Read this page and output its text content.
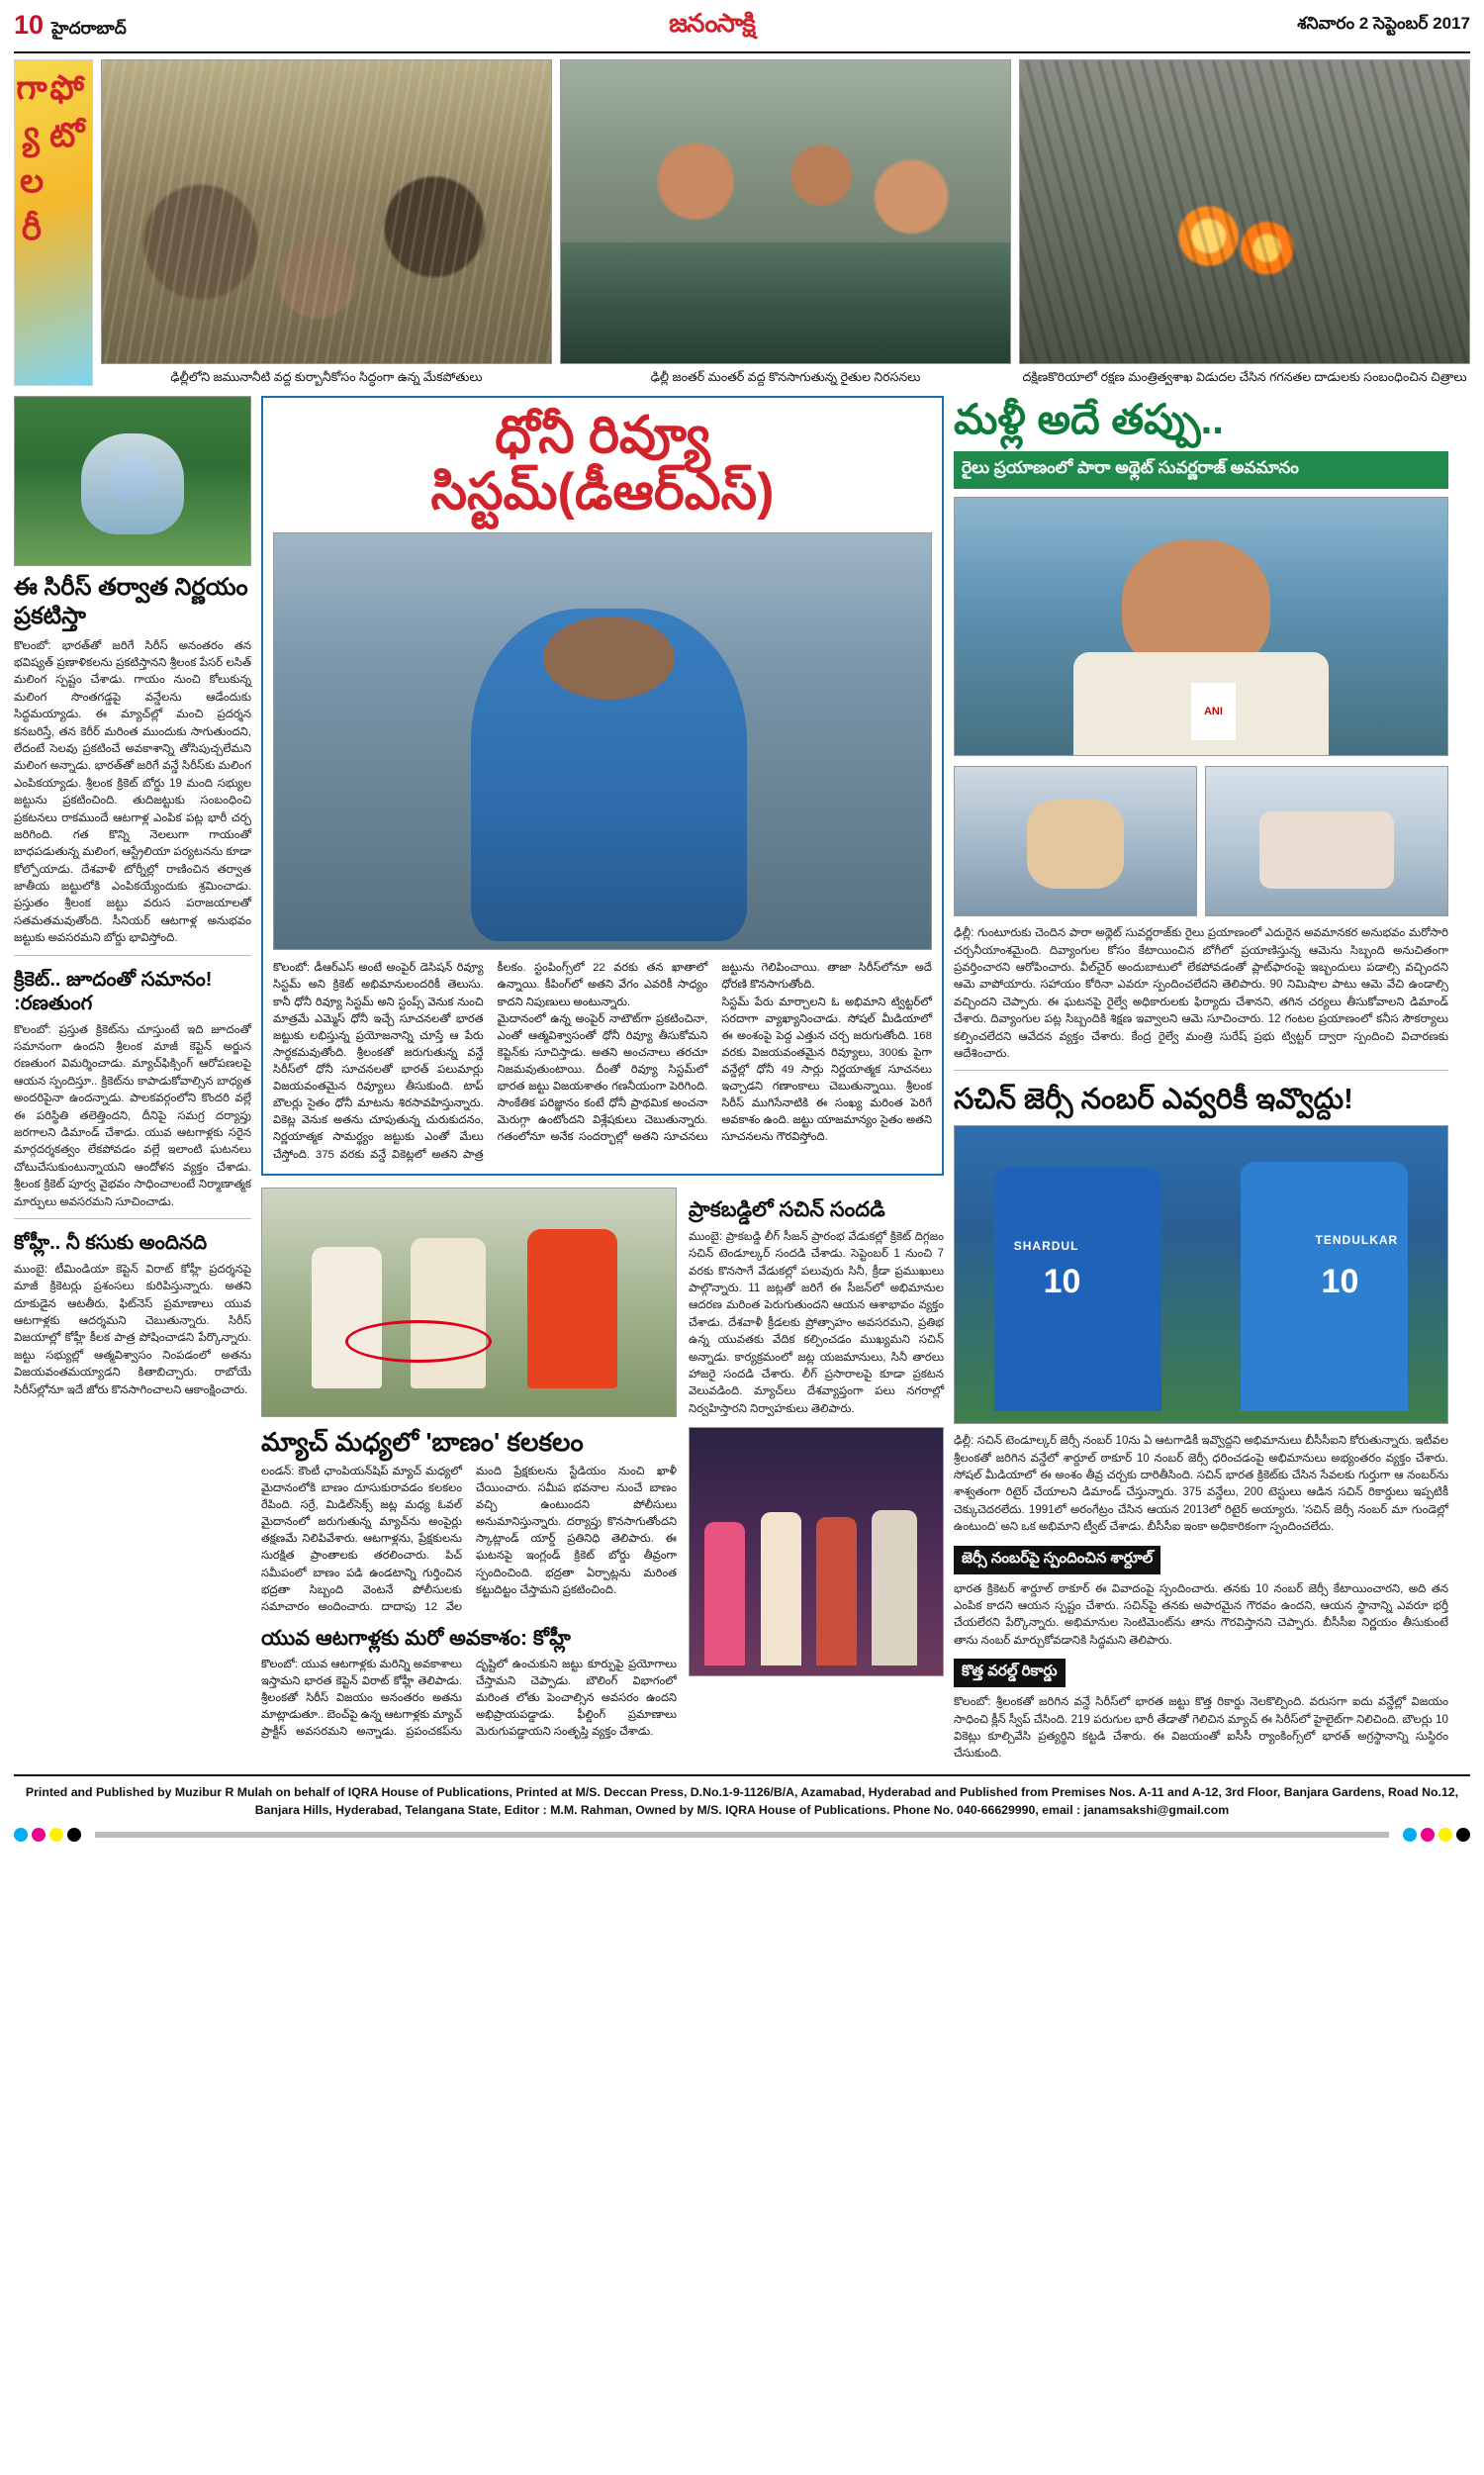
10 హైదరాబాద్	జనంసాక్షి	శనివారం 2 సెప్టెంబర్ 2017
ఫోటో గ్యాలరీ
ఢిల్లీలోని జమునానీటి వద్ద కుర్బానీకోసం సిద్ధంగా ఉన్న మేకపోతులు	ఢిల్లీ జంతర్ మంతర్ వద్ద కొనసాగుతున్న రైతుల నిరసనలు	దక్షిణకొరియాలో రక్షణ మంత్రిత్వశాఖ విడుదల చేసిన గగనతల దాడులకు సంబంధించిన చిత్రాలు
ఈ సిరీస్ తర్వాత నిర్ణయం ప్రకటిస్తా
కొలంబో: భారత్‌తో జరిగే సిరీస్ అనంతరం తన భవిష్యత్ ప్రణాళికలను ప్రకటిస్తానని శ్రీలంక పేసర్ లసిత్ మలింగ స్పష్టం చేశాడు. గాయం నుంచి కోలుకున్న మలింగ సొంతగడ్డపై వన్డేలను ఆడేందుకు సిద్ధమయ్యాడు. ఈ మ్యాచ్‌ల్లో మంచి ప్రదర్శన కనబరిస్తే, తన కెరీర్ మరింత ముందుకు సాగుతుందని, లేదంటే సెలవు ప్రకటించే అవకాశాన్ని తోసిపుచ్చలేమని మలింగ అన్నాడు. భారత్‌తో జరిగే వన్డే సిరీస్‌కు మలింగ ఎంపికయ్యాడు. శ్రీలంక క్రికెట్ బోర్డు 19 మంది సభ్యుల జట్టును ప్రకటించింది. తుదిజట్టుకు సంబంధించి ప్రకటనలు రాకముందే ఆటగాళ్ల ఎంపిక పట్ల భారీ చర్చ జరిగింది. గత కొన్ని నెలలుగా గాయంతో బాధపడుతున్న మలింగ, ఆస్ట్రేలియా పర్యటనను కూడా కోల్పోయాడు. దేశవాళీ టోర్నీల్లో రాణించిన తర్వాత జాతీయ జట్టులోకి ఎంపికయ్యేందుకు శ్రమించాడు. ప్రస్తుతం శ్రీలంక జట్టు వరుస పరాజయాలతో సతమతమవుతోంది. సీనియర్ ఆటగాళ్ల అనుభవం జట్టుకు అవసరమని బోర్డు భావిస్తోంది.
క్రికెట్.. జూదంతో సమానం! :రణతుంగ
కొలంబో: ప్రస్తుత క్రికెట్‌ను చూస్తుంటే ఇది జూదంతో సమానంగా ఉందని శ్రీలంక మాజీ కెప్టెన్ అర్జున రణతుంగ విమర్శించాడు. మ్యాచ్‌ఫిక్సింగ్ ఆరోపణలపై ఆయన స్పందిస్తూ.. క్రికెట్‌ను కాపాడుకోవాల్సిన బాధ్యత అందరిపైనా ఉందన్నాడు. పాలకవర్గంలోని కొందరి వల్లే ఈ పరిస్థితి తలెత్తిందని, దీనిపై సమగ్ర దర్యాప్తు జరగాలని డిమాండ్ చేశాడు. యువ ఆటగాళ్లకు సరైన మార్గదర్శకత్వం లేకపోవడం వల్లే ఇలాంటి ఘటనలు చోటుచేసుకుంటున్నాయని ఆందోళన వ్యక్తం చేశాడు. శ్రీలంక క్రికెట్ పూర్వ వైభవం సాధించాలంటే నిర్మాణాత్మక మార్పులు అవసరమని సూచించాడు.
కోహ్లీ.. నీ కసుకు అందినది
ముంబై: టీమిండియా కెప్టెన్ విరాట్ కోహ్లీ ప్రదర్శనపై మాజీ క్రికెటర్లు ప్రశంసలు కురిపిస్తున్నారు. అతని దూకుడైన ఆటతీరు, ఫిట్‌నెస్ ప్రమాణాలు యువ ఆటగాళ్లకు ఆదర్శమని చెబుతున్నారు. సిరీస్ విజయాల్లో కోహ్లీ కీలక పాత్ర పోషించాడని పేర్కొన్నారు. జట్టు సభ్యుల్లో ఆత్మవిశ్వాసం నింపడంలో అతను విజయవంతమయ్యాడని కితాబిచ్చారు. రాబోయే సిరీస్‌ల్లోనూ ఇదే జోరు కొనసాగించాలని ఆకాంక్షించారు.
ధోనీ రివ్యూ
సిస్టమ్(డీఆర్‌ఎస్)
కొలంబో: డీఆర్‌ఎస్ అంటే అంపైర్ డెసిషన్ రివ్యూ సిస్టమ్ అని క్రికెట్ అభిమానులందరికీ తెలుసు. కానీ ధోనీ రివ్యూ సిస్టమ్ అని స్టంప్స్ వెనుక నుంచి మాత్రమే ఎమ్మెస్ ధోనీ ఇచ్చే సూచనలతో భారత జట్టుకు లభిస్తున్న ప్రయోజనాన్ని చూస్తే ఆ పేరు సార్థకమవుతోంది. శ్రీలంకతో జరుగుతున్న వన్డే సిరీస్‌లో ధోనీ సూచనలతో భారత్ పలుమార్లు విజయవంతమైన రివ్యూలు తీసుకుంది. టాప్ బౌలర్లు సైతం ధోనీ మాటను శిరసావహిస్తున్నారు. వికెట్ల వెనుక అతను చూపుతున్న చురుకుదనం, నిర్ణయాత్మక సామర్థ్యం జట్టుకు ఎంతో మేలు చేస్తోంది. 375 వరకు వన్డే వికెట్లలో అతని పాత్ర కీలకం. స్టంపింగ్స్‌లో 22 వరకు తన ఖాతాలో ఉన్నాయి. కీపింగ్‌లో అతని వేగం ఎవరికీ సాధ్యం కాదని నిపుణులు అంటున్నారు.
మైదానంలో ఉన్న అంపైర్ నాటౌట్‌గా ప్రకటించినా, ఎంతో ఆత్మవిశ్వాసంతో ధోనీ రివ్యూ తీసుకోమని కెప్టెన్‌కు సూచిస్తాడు. అతని అంచనాలు తరచూ నిజమవుతుంటాయి. దీంతో రివ్యూ సిస్టమ్‌లో భారత జట్టు విజయశాతం గణనీయంగా పెరిగింది. సాంకేతిక పరిజ్ఞానం కంటే ధోనీ ప్రాథమిక అంచనా మెరుగ్గా ఉంటోందని విశ్లేషకులు చెబుతున్నారు. గతంలోనూ అనేక సందర్భాల్లో అతని సూచనలు జట్టును గెలిపించాయి. తాజా సిరీస్‌లోనూ అదే ధోరణి కొనసాగుతోంది.
సిస్టమ్ పేరు మార్చాలని ఓ అభిమాని ట్విట్టర్‌లో సరదాగా వ్యాఖ్యానించాడు. సోషల్ మీడియాలో ఈ అంశంపై పెద్ద ఎత్తున చర్చ జరుగుతోంది. 168 వరకు విజయవంతమైన రివ్యూలు, 300కు పైగా వన్డేల్లో ధోనీ 49 సార్లు నిర్ణయాత్మక సూచనలు ఇచ్చాడని గణాంకాలు చెబుతున్నాయి. శ్రీలంక సిరీస్ ముగిసేనాటికి ఈ సంఖ్య మరింత పెరిగే అవకాశం ఉంది. జట్టు యాజమాన్యం సైతం అతని సూచనలను గౌరవిస్తోంది.
మ్యాచ్ మధ్యలో 'బాణం' కలకలం
లండన్: కౌంటీ ఛాంపియన్‌షిప్ మ్యాచ్ మధ్యలో మైదానంలోకి బాణం దూసుకురావడం కలకలం రేపింది. సర్రే, మిడిల్‌సెక్స్ జట్ల మధ్య ఓవల్ మైదానంలో జరుగుతున్న మ్యాచ్‌ను అంపైర్లు తక్షణమే నిలిపివేశారు. ఆటగాళ్లను, ప్రేక్షకులను సురక్షిత ప్రాంతాలకు తరలించారు. పిచ్ సమీపంలో బాణం పడి ఉండటాన్ని గుర్తించిన భద్రతా సిబ్బంది వెంటనే పోలీసులకు సమాచారం అందించారు. దాదాపు 12 వేల మంది ప్రేక్షకులను స్టేడియం నుంచి ఖాళీ చేయించారు. సమీప భవనాల నుంచే బాణం వచ్చి ఉంటుందని పోలీసులు అనుమానిస్తున్నారు. దర్యాప్తు కొనసాగుతోందని స్కాట్లాండ్ యార్డ్ ప్రతినిధి తెలిపారు. ఈ ఘటనపై ఇంగ్లండ్ క్రికెట్ బోర్డు తీవ్రంగా స్పందించింది. భద్రతా ఏర్పాట్లను మరింత కట్టుదిట్టం చేస్తామని ప్రకటించింది.
యువ ఆటగాళ్లకు మరో అవకాశం: కోహ్లీ
కొలంబో: యువ ఆటగాళ్లకు మరిన్ని అవకాశాలు ఇస్తామని భారత కెప్టెన్ విరాట్ కోహ్లీ తెలిపాడు. శ్రీలంకతో సిరీస్ విజయం అనంతరం అతను మాట్లాడుతూ.. బెంచ్‌పై ఉన్న ఆటగాళ్లకు మ్యాచ్ ప్రాక్టీస్ అవసరమని అన్నాడు. ప్రపంచకప్‌ను దృష్టిలో ఉంచుకుని జట్టు కూర్పుపై ప్రయోగాలు చేస్తామని చెప్పాడు. బౌలింగ్ విభాగంలో మరింత లోతు పెంచాల్సిన అవసరం ఉందని అభిప్రాయపడ్డాడు. ఫీల్డింగ్ ప్రమాణాలు మెరుగుపడ్డాయని సంతృప్తి వ్యక్తం చేశాడు.
ప్రాకబడ్డిలో సచిన్ సందడి
ముంబై: ప్రాకబడ్డి లీగ్ సీజన్ ప్రారంభ వేడుకల్లో క్రికెట్ దిగ్గజం సచిన్ టెండూల్కర్ సందడి చేశాడు. సెప్టెంబర్ 1 నుంచి 7 వరకు కొనసాగే వేడుకల్లో పలువురు సినీ, క్రీడా ప్రముఖులు పాల్గొన్నారు. 11 జట్లతో జరిగే ఈ సీజన్‌లో అభిమానుల ఆదరణ మరింత పెరుగుతుందని ఆయన ఆశాభావం వ్యక్తం చేశాడు. దేశవాళీ క్రీడలకు ప్రోత్సాహం అవసరమని, ప్రతిభ ఉన్న యువతకు వేదిక కల్పించడం ముఖ్యమని సచిన్ అన్నాడు. కార్యక్రమంలో జట్ల యజమానులు, సినీ తారలు హాజరై సందడి చేశారు. లీగ్ ప్రసారాలపై కూడా ప్రకటన వెలువడింది. మ్యాచ్‌లు దేశవ్యాప్తంగా పలు నగరాల్లో నిర్వహిస్తారని నిర్వాహకులు తెలిపారు.
మళ్లీ అదే తప్పు..
రైలు ప్రయాణంలో పారా అథ్లెట్ సువర్ణరాజ్ అవమానం
ANI
ఢిల్లీ: గుంటూరుకు చెందిన పారా అథ్లెట్ సువర్ణరాజ్‌కు రైలు ప్రయాణంలో ఎదురైన అవమానకర అనుభవం మరోసారి చర్చనీయాంశమైంది. దివ్యాంగుల కోసం కేటాయించిన బోగీలో ప్రయాణిస్తున్న ఆమెను సిబ్బంది అనుచితంగా ప్రవర్తించారని ఆరోపించారు. వీల్‌చైర్ అందుబాటులో లేకపోవడంతో ప్లాట్‌ఫారంపై ఇబ్బందులు పడాల్సి వచ్చిందని ఆమె వాపోయారు. సహాయం కోరినా ఎవరూ స్పందించలేదని తెలిపారు. 90 నిమిషాల పాటు ఆమె వేచి ఉండాల్సి వచ్చిందని చెప్పారు. ఈ ఘటనపై రైల్వే అధికారులకు ఫిర్యాదు చేశానని, తగిన చర్యలు తీసుకోవాలని డిమాండ్ చేశారు. దివ్యాంగుల పట్ల సిబ్బందికి శిక్షణ ఇవ్వాలని ఆమె సూచించారు. 12 గంటల ప్రయాణంలో కనీస సౌకర్యాలు కల్పించలేదని ఆవేదన వ్యక్తం చేశారు. కేంద్ర రైల్వే మంత్రి సురేష్ ప్రభు ట్విట్టర్ ద్వారా స్పందించి విచారణకు ఆదేశించారు.
సచిన్ జెర్సీ నంబర్ ఎవ్వరికీ ఇవ్వొద్దు!
SHARDUL
10
TENDULKAR
10
ఢిల్లీ: సచిన్ టెండూల్కర్ జెర్సీ నంబర్ 10ను ఏ ఆటగాడికీ ఇవ్వొద్దని అభిమానులు బీసీసీఐని కోరుతున్నారు. ఇటీవల శ్రీలంకతో జరిగిన వన్డేలో శార్దూల్ ఠాకూర్ 10 నంబర్ జెర్సీ ధరించడంపై అభిమానులు అభ్యంతరం వ్యక్తం చేశారు. సోషల్ మీడియాలో ఈ అంశం తీవ్ర చర్చకు దారితీసింది. సచిన్ భారత క్రికెట్‌కు చేసిన సేవలకు గుర్తుగా ఆ నంబర్‌ను శాశ్వతంగా రిటైర్ చేయాలని డిమాండ్ చేస్తున్నారు. 375 వన్డేలు, 200 టెస్టులు ఆడిన సచిన్ రికార్డులు ఇప్పటికీ చెక్కుచెదరలేదు. 1991లో అరంగేట్రం చేసిన ఆయన 2013లో రిటైర్ అయ్యారు. 'సచిన్ జెర్సీ నంబర్ మా గుండెల్లో ఉంటుంది' అని ఒక అభిమాని ట్వీట్ చేశాడు. బీసీసీఐ ఇంకా అధికారికంగా స్పందించలేదు.
జెర్సీ నంబర్‌పై స్పందించిన శార్దూల్
భారత క్రికెటర్ శార్దూల్ ఠాకూర్ ఈ వివాదంపై స్పందించారు. తనకు 10 నంబర్ జెర్సీ కేటాయించారని, అది తన ఎంపిక కాదని ఆయన స్పష్టం చేశారు. సచిన్‌పై తనకు అపారమైన గౌరవం ఉందని, ఆయన స్థానాన్ని ఎవరూ భర్తీ చేయలేరని పేర్కొన్నారు. అభిమానుల సెంటిమెంట్‌ను తాను గౌరవిస్తానని చెప్పారు. బీసీసీఐ నిర్ణయం తీసుకుంటే తాను నంబర్ మార్చుకోవడానికి సిద్ధమని తెలిపారు.
కొత్త వరల్డ్ రికార్డు
కొలంబో: శ్రీలంకతో జరిగిన వన్డే సిరీస్‌లో భారత జట్టు కొత్త రికార్డు నెలకొల్పింది. వరుసగా ఐదు వన్డేల్లో విజయం సాధించి క్లీన్ స్వీప్ చేసింది. 219 పరుగుల భారీ తేడాతో గెలిచిన మ్యాచ్ ఈ సిరీస్‌లో హైలైట్‌గా నిలిచింది. బౌలర్లు 10 వికెట్లు కూల్చివేసి ప్రత్యర్థిని కట్టడి చేశారు. ఈ విజయంతో ఐసీసీ ర్యాంకింగ్స్‌లో భారత్ అగ్రస్థానాన్ని సుస్థిరం చేసుకుంది.

Printed and Published by Muzibur R Mulah on behalf of IQRA House of Publications, Printed at M/S. Deccan Press, D.No.1-9-1126/B/A, Azamabad, Hyderabad and Published from Premises Nos. A-11 and A-12, 3rd Floor, Banjara Gardens, Road No.12, Banjara Hills, Hyderabad, Telangana State, Editor : M.M. Rahman, Owned by M/S. IQRA House of Publications. Phone No. 040-66629990, email : janamsakshi@gmail.com
